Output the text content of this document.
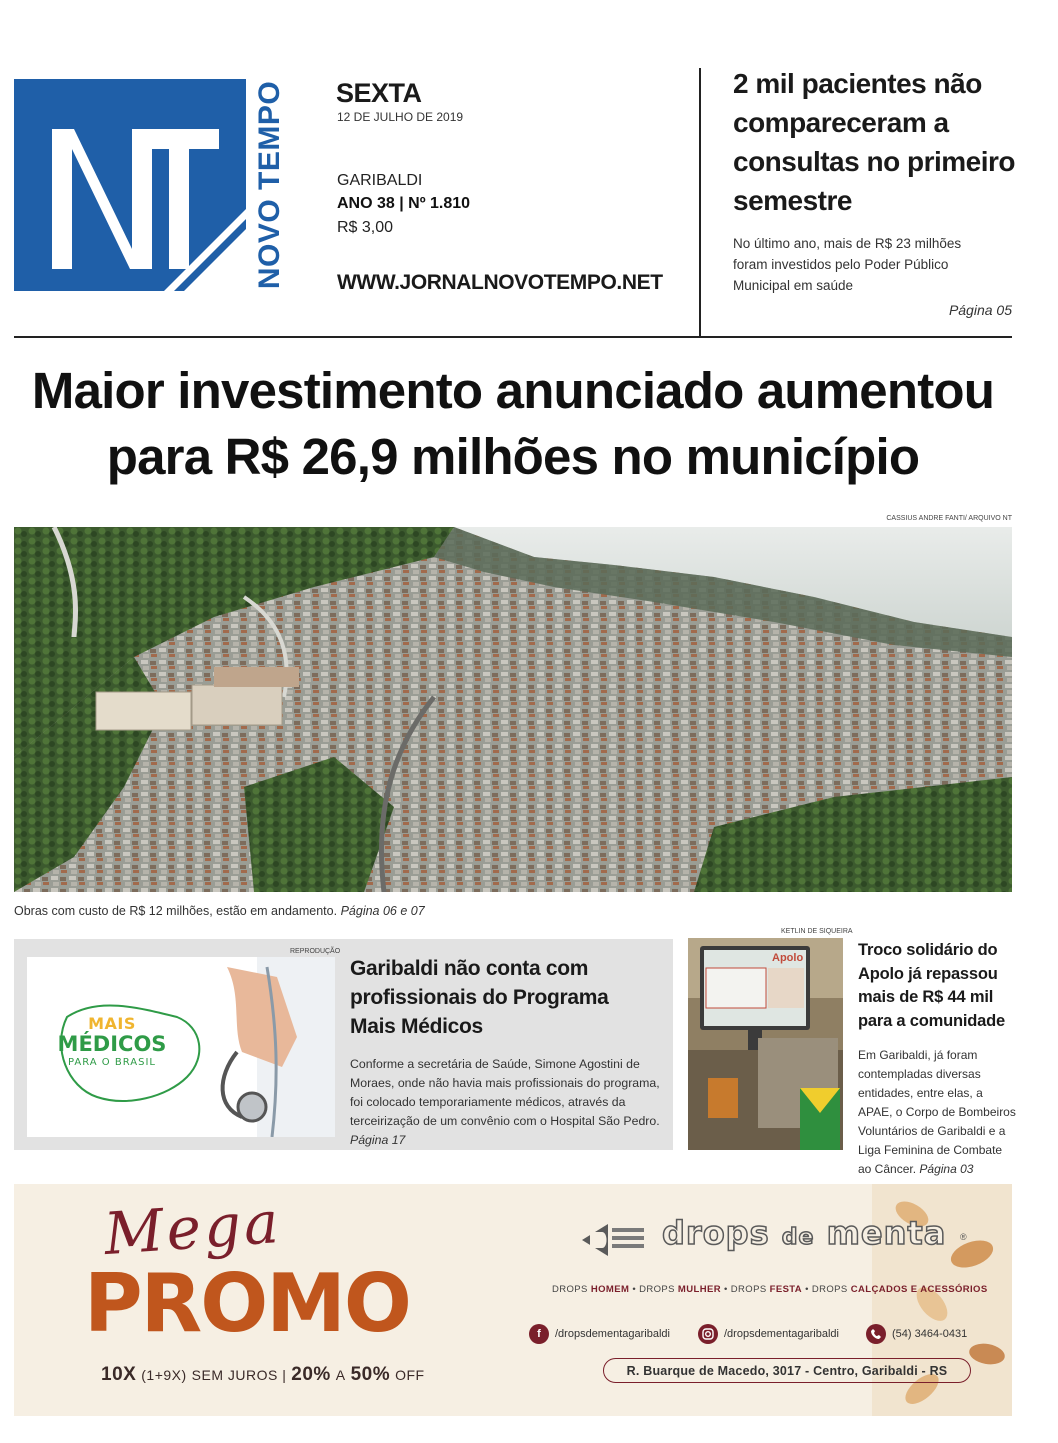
NOVO TEMPO SEXTA
12 DE JULHO DE 2019
GARIBALDI
ANO 38 | Nº 1.810
R$ 3,00
WWW.JORNALNOVOTEMPO.NET
2 mil pacientes não compareceram a consultas no primeiro semestre
No último ano, mais de R$ 23 milhões foram investidos pelo Poder Público Municipal em saúde
Página 05
Maior investimento anunciado aumentou para R$ 26,9 milhões no município
CASSIUS ANDRE FANTI/ ARQUIVO NT
Obras com custo de R$ 12 milhões, estão em andamento. Página 06 e 07
REPRODUÇÃO
MAIS
MÉDICOS
PARA O BRASIL
Garibaldi não conta com profissionais do Programa Mais Médicos
Conforme a secretária de Saúde, Simone Agostini de Moraes, onde não havia mais profissionais do programa, foi colocado temporariamente médicos, através da terceirização de um convênio com o Hospital São Pedro. Página 17
KETLIN DE SIQUEIRA
Apolo	Troco solidário do Apolo já repassou mais de R$ 44 mil para a comunidade
Em Garibaldi, já foram contempladas diversas entidades, entre elas, a APAE, o Corpo de Bombeiros Voluntários de Garibaldi e a Liga Feminina de Combate ao Câncer. Página 03
Mega
PROMO
10X (1+9X) SEM JUROS | 20% A 50% OFF
drops de menta ®
DROPS HOMEM • DROPS MULHER • DROPS FESTA • DROPS CALÇADOS E ACESSÓRIOS
f	/dropsdementagaribaldi	/dropsdementagaribaldi	(54) 3464-0431
R. Buarque de Macedo, 3017 - Centro, Garibaldi - RS
